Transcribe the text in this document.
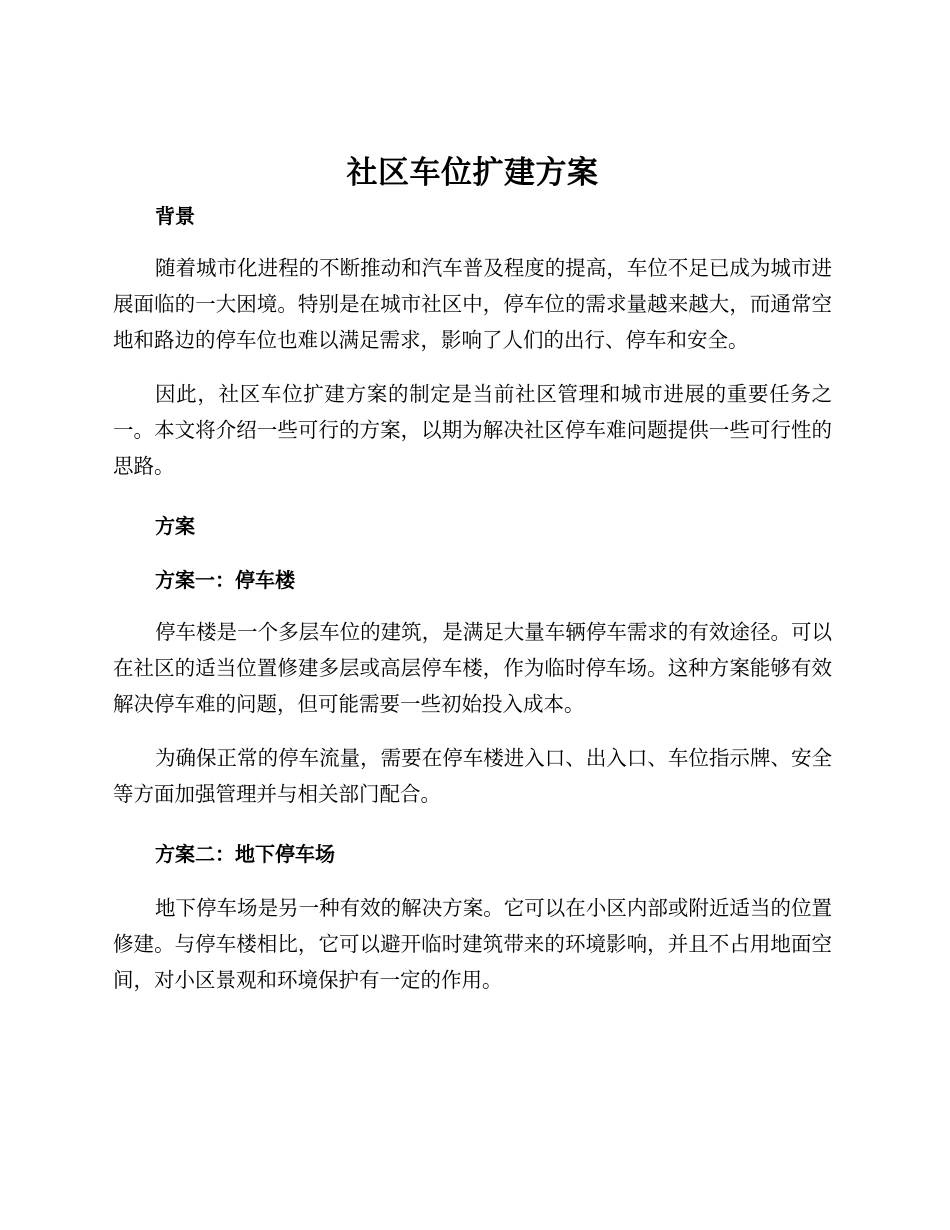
社区车位扩建方案
背景

随着城市化进程的不断推动和汽车普及程度的提高，车位不足已成为城市进展面临的一大困境。特别是在城市社区中，停车位的需求量越来越大，而通常空地和路边的停车位也难以满足需求，影响了人们的出行、停车和安全。

因此，社区车位扩建方案的制定是当前社区管理和城市进展的重要任务之一。本文将介绍一些可行的方案，以期为解决社区停车难问题提供一些可行性的思路。

方案
方案一：停车楼

停车楼是一个多层车位的建筑，是满足大量车辆停车需求的有效途径。可以在社区的适当位置修建多层或高层停车楼，作为临时停车场。这种方案能够有效解决停车难的问题，但可能需要一些初始投入成本。

为确保正常的停车流量，需要在停车楼进入口、出入口、车位指示牌、安全等方面加强管理并与相关部门配合。

方案二：地下停车场

地下停车场是另一种有效的解决方案。它可以在小区内部或附近适当的位置修建。与停车楼相比，它可以避开临时建筑带来的环境影响，并且不占用地面空间，对小区景观和环境保护有一定的作用。
